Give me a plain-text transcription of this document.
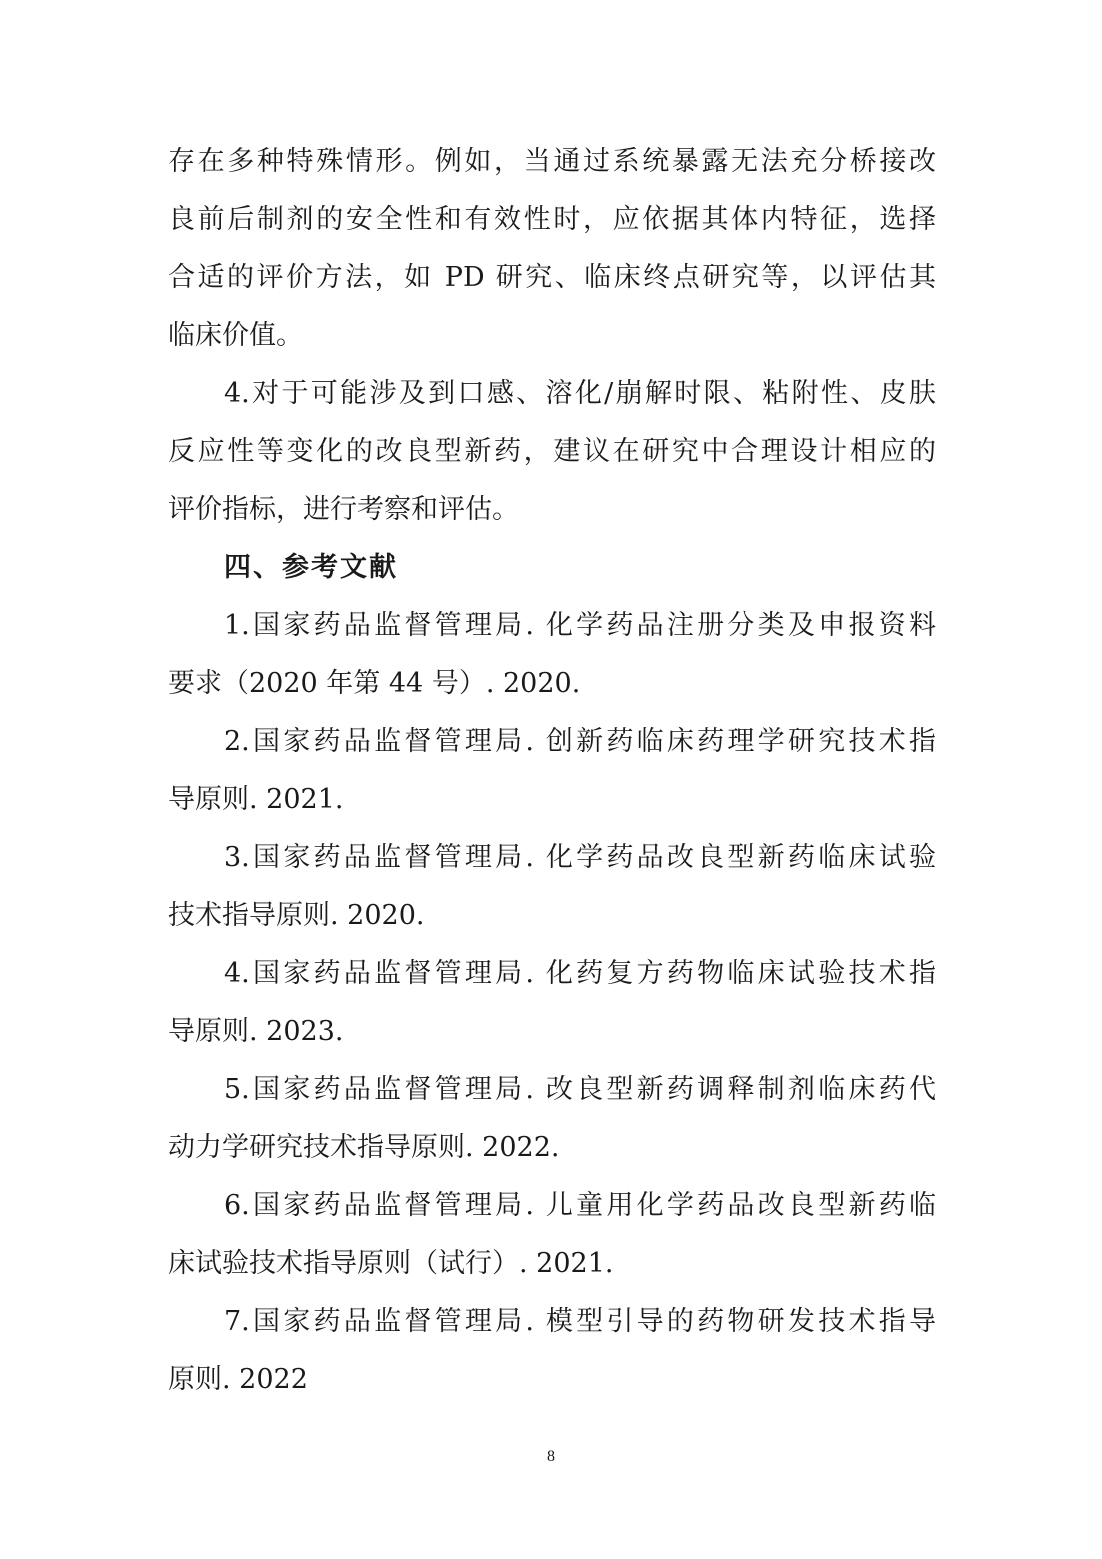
存在多种特殊情形。例如，当通过系统暴露无法充分桥接改
良前后制剂的安全性和有效性时，应依据其体内特征，选择
合适的评价方法，如 PD 研究、临床终点研究等，以评估其
临床价值。
4.对于可能涉及到口感、溶化/崩解时限、粘附性、皮肤
反应性等变化的改良型新药，建议在研究中合理设计相应的
评价指标，进行考察和评估。
四、参考文献
1.国家药品监督管理局. 化学药品注册分类及申报资料
要求（2020 年第 44 号）. 2020.
2.国家药品监督管理局. 创新药临床药理学研究技术指
导原则. 2021.
3.国家药品监督管理局. 化学药品改良型新药临床试验
技术指导原则. 2020.
4.国家药品监督管理局. 化药复方药物临床试验技术指
导原则. 2023.
5.国家药品监督管理局. 改良型新药调释制剂临床药代
动力学研究技术指导原则. 2022.
6.国家药品监督管理局. 儿童用化学药品改良型新药临
床试验技术指导原则（试行）. 2021.
7.国家药品监督管理局. 模型引导的药物研发技术指导
原则. 2022
8
